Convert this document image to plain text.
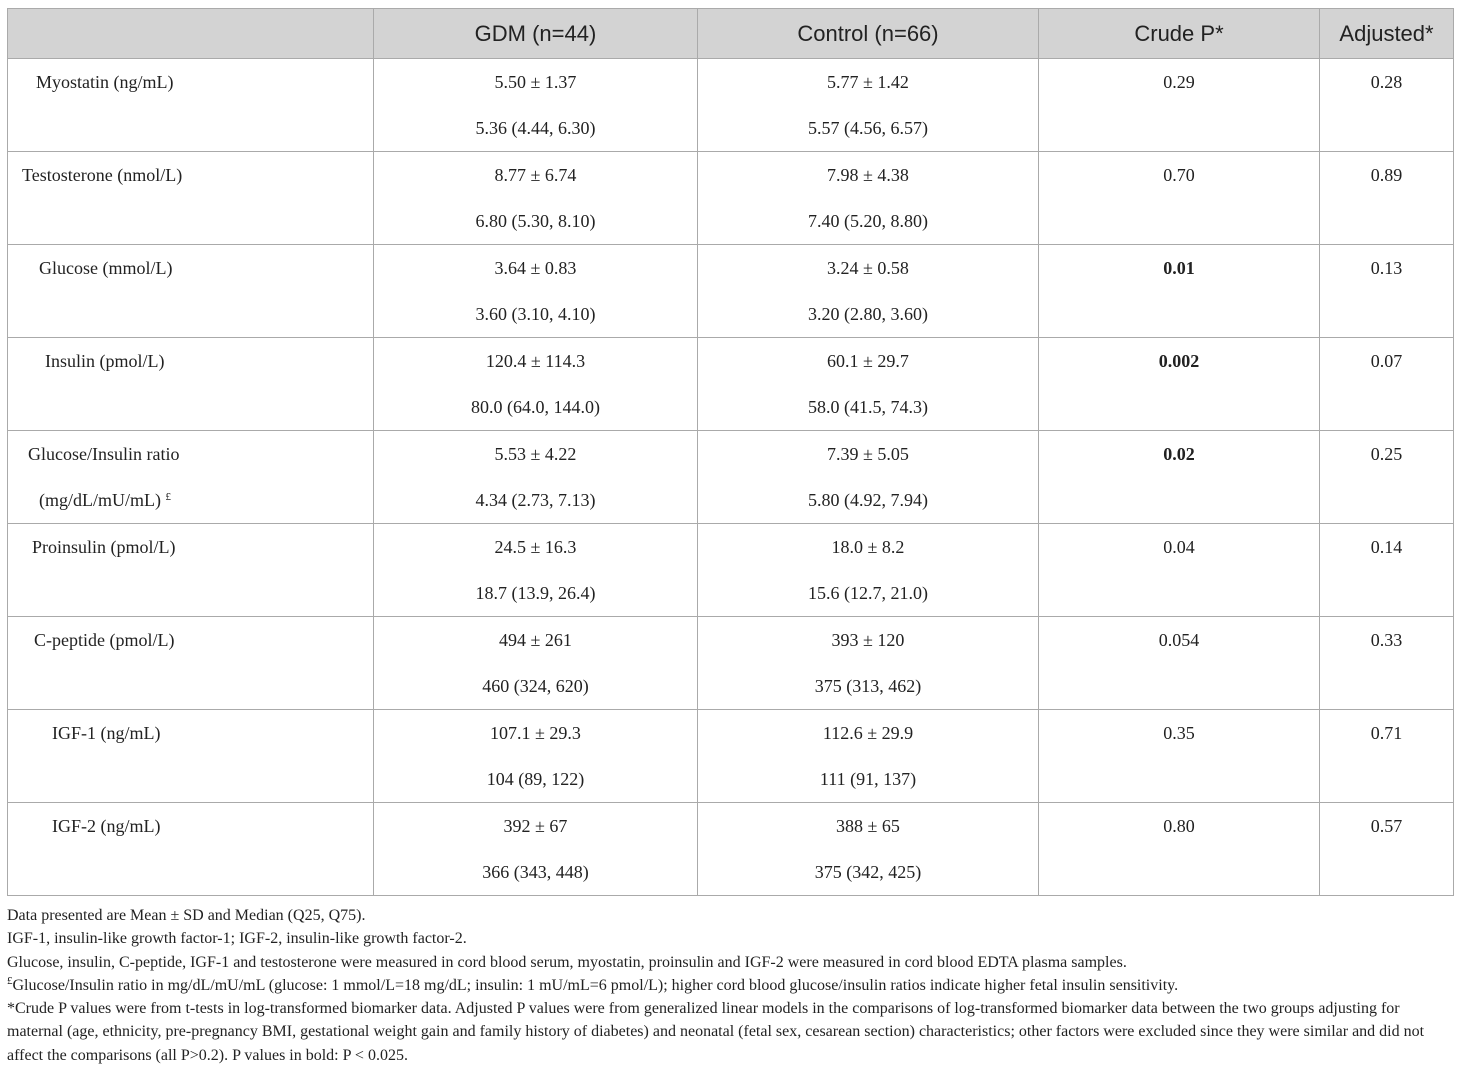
	GDM (n=44)	Control (n=66)	Crude P*	Adjusted*
Myostatin (ng/mL)	5.50 ± 1.37	5.77 ± 1.42	0.29	0.28
	5.36 (4.44, 6.30)	5.57 (4.56, 6.57)		
Testosterone (nmol/L)	8.77 ± 6.74	7.98 ± 4.38	0.70	0.89
	6.80 (5.30, 8.10)	7.40 (5.20, 8.80)		
Glucose (mmol/L)	3.64 ± 0.83	3.24 ± 0.58	0.01	0.13
	3.60 (3.10, 4.10)	3.20 (2.80, 3.60)		
Insulin (pmol/L)	120.4 ± 114.3	60.1 ± 29.7	0.002	0.07
	80.0 (64.0, 144.0)	58.0 (41.5, 74.3)		
Glucose/Insulin ratio	5.53 ± 4.22	7.39 ± 5.05	0.02	0.25
(mg/dL/mU/mL) £	4.34 (2.73, 7.13)	5.80 (4.92, 7.94)		
Proinsulin (pmol/L)	24.5 ± 16.3	18.0 ± 8.2	0.04	0.14
	18.7 (13.9, 26.4)	15.6 (12.7, 21.0)		
C-peptide (pmol/L)	494 ± 261	393 ± 120	0.054	0.33
	460 (324, 620)	375 (313, 462)		
IGF-1 (ng/mL)	107.1 ± 29.3	112.6 ± 29.9	0.35	0.71
	104 (89, 122)	111 (91, 137)		
IGF-2 (ng/mL)	392 ± 67	388 ± 65	0.80	0.57
	366 (343, 448)	375 (342, 425)		

Data presented are Mean ± SD and Median (Q25, Q75).

IGF-1, insulin-like growth factor-1; IGF-2, insulin-like growth factor-2.

Glucose, insulin, C-peptide, IGF-1 and testosterone were measured in cord blood serum, myostatin, proinsulin and IGF-2 were measured in cord blood EDTA plasma samples.

£Glucose/Insulin ratio in mg/dL/mU/mL (glucose: 1 mmol/L=18 mg/dL; insulin: 1 mU/mL=6 pmol/L); higher cord blood glucose/insulin ratios indicate higher fetal insulin sensitivity.

*Crude P values were from t-tests in log-transformed biomarker data. Adjusted P values were from generalized linear models in the comparisons of log-transformed biomarker data between the two groups adjusting for maternal (age, ethnicity, pre-pregnancy BMI, gestational weight gain and family history of diabetes) and neonatal (fetal sex, cesarean section) characteristics; other factors were excluded since they were similar and did not affect the comparisons (all P>0.2). P values in bold: P < 0.025.
